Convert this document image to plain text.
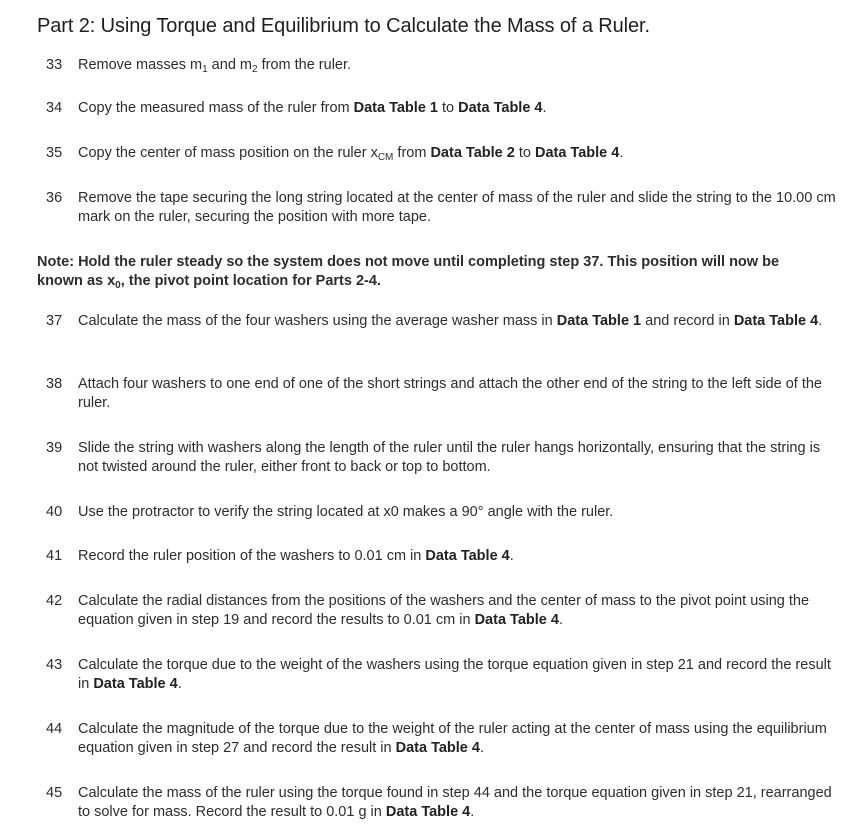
Part 2: Using Torque and Equilibrium to Calculate the Mass of a Ruler.
33	Remove masses $m_1$ and $m_2$ from the ruler.
34	Copy the measured mass of the ruler from Data Table 1 to Data Table 4.
35	Copy the center of mass position on the ruler $x_{CM}$ from Data Table 2 to Data Table 4.
36	Remove the tape securing the long string located at the center of mass of the ruler and slide the string to the 10.00 cm mark on the ruler, securing the position with more tape.
Note: Hold the ruler steady so the system does not move until completing step 37. This position will now be known as $x_0$, the pivot point location for Parts 2-4.
37	Calculate the mass of the four washers using the average washer mass in Data Table 1 and record in Data Table 4.
38	Attach four washers to one end of one of the short strings and attach the other end of the string to the left side of the ruler.
39	Slide the string with washers along the length of the ruler until the ruler hangs horizontally, ensuring that the string is not twisted around the ruler, either front to back or top to bottom.
40	Use the protractor to verify the string located at x0 makes a 90° angle with the ruler.
41	Record the ruler position of the washers to 0.01 cm in Data Table 4.
42	Calculate the radial distances from the positions of the washers and the center of mass to the pivot point using the equation given in step 19 and record the results to 0.01 cm in Data Table 4.
43	Calculate the torque due to the weight of the washers using the torque equation given in step 21 and record the result in Data Table 4.
44	Calculate the magnitude of the torque due to the weight of the ruler acting at the center of mass using the equilibrium equation given in step 27 and record the result in Data Table 4.
45	Calculate the mass of the ruler using the torque found in step 44 and the torque equation given in step 21, rearranged to solve for mass. Record the result to 0.01 g in Data Table 4.
